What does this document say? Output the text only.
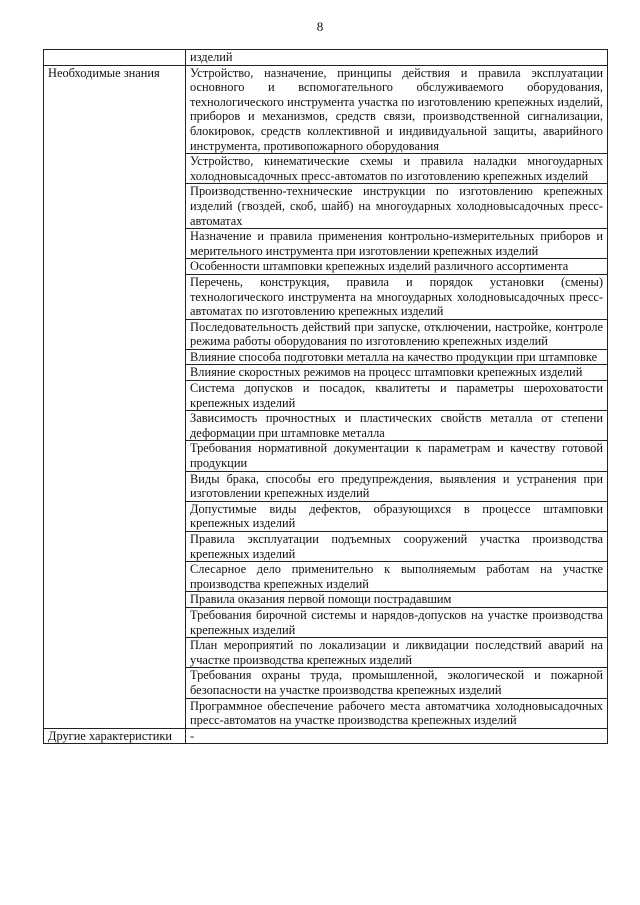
8
	изделий
Необходимые знания	Устройство, назначение, принципы действия и правила эксплуатации основного и вспомогательного обслуживаемого оборудования, технологического инструмента участка по изготовлению крепежных изделий, приборов и механизмов, средств связи, производственной сигнализации, блокировок, средств коллективной и индивидуальной защиты, аварийного инструмента, противопожарного оборудования
	Устройство, кинематические схемы и правила наладки многоударных холодновысадочных пресс-автоматов по изготовлению крепежных изделий
	Производственно-технические инструкции по изготовлению крепежных изделий (гвоздей, скоб, шайб) на многоударных холодновысадочных пресс-автоматах
	Назначение и правила применения контрольно-измерительных приборов и мерительного инструмента при изготовлении крепежных изделий
	Особенности штамповки крепежных изделий различного ассортимента
	Перечень, конструкция, правила и порядок установки (смены) технологического инструмента на многоударных холодновысадочных пресс-автоматах по изготовлению крепежных изделий
	Последовательность действий при запуске, отключении, настройке, контроле режима работы оборудования по изготовлению крепежных изделий
	Влияние способа подготовки металла на качество продукции при штамповке
	Влияние скоростных режимов на процесс штамповки крепежных изделий
	Система допусков и посадок, квалитеты и параметры шероховатости крепежных изделий
	Зависимость прочностных и пластических свойств металла от степени деформации при штамповке металла
	Требования нормативной документации к параметрам и качеству готовой продукции
	Виды брака, способы его предупреждения, выявления и устранения при изготовлении крепежных изделий
	Допустимые виды дефектов, образующихся в процессе штамповки крепежных изделий
	Правила эксплуатации подъемных сооружений участка производства крепежных изделий
	Слесарное дело применительно к выполняемым работам на участке производства крепежных изделий
	Правила оказания первой помощи пострадавшим
	Требования бирочной системы и нарядов-допусков на участке производства крепежных изделий
	План мероприятий по локализации и ликвидации последствий аварий на участке производства крепежных изделий
	Требования охраны труда, промышленной, экологической и пожарной безопасности на участке производства крепежных изделий
	Программное обеспечение рабочего места автоматчика холодновысадочных пресс-автоматов на участке производства крепежных изделий
Другие характеристики	-
